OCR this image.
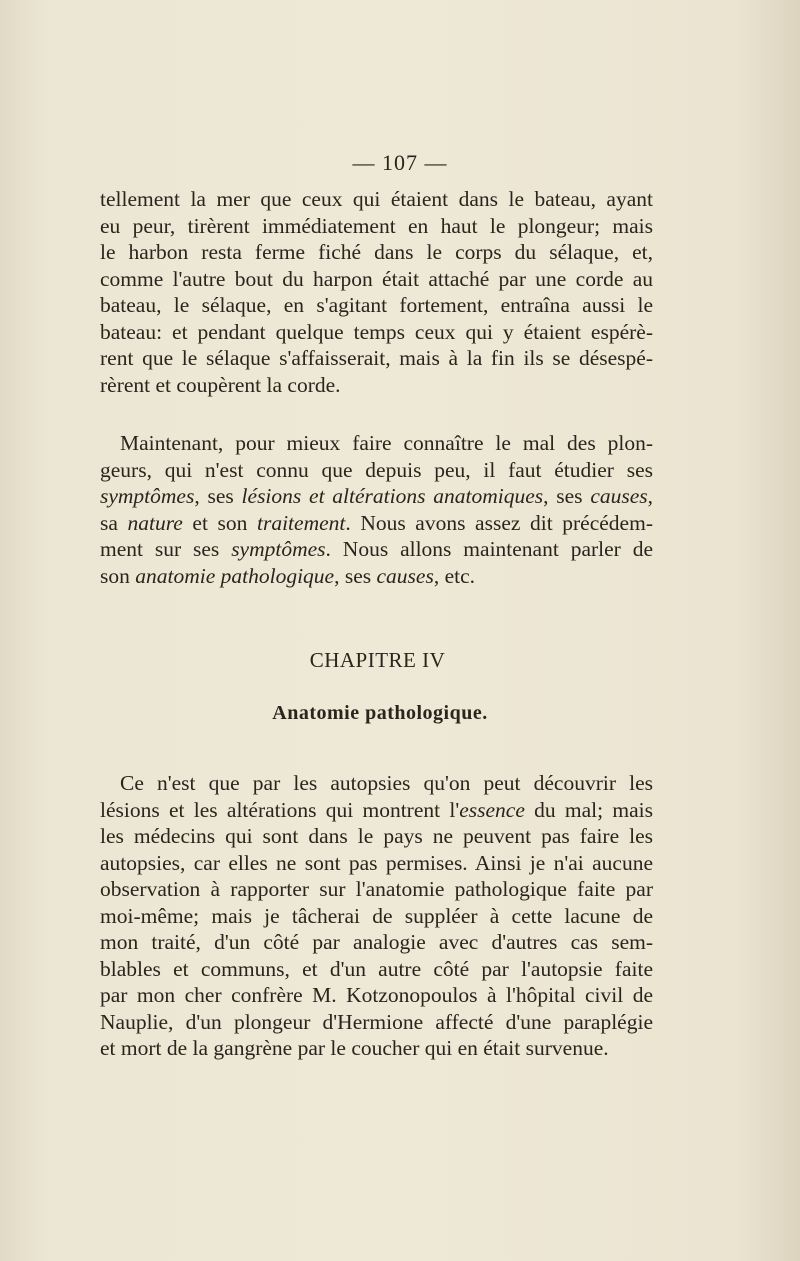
— 107 —
tellement la mer que ceux qui étaient dans le bateau, ayant
eu peur, tirèrent immédiatement en haut le plongeur; mais
le harbon resta ferme fiché dans le corps du sélaque, et,
comme l'autre bout du harpon était attaché par une corde au
bateau, le sélaque, en s'agitant fortement, entraîna aussi le
bateau: et pendant quelque temps ceux qui y étaient espérè-
rent que le sélaque s'affaisserait, mais à la fin ils se désespé-
rèrent et coupèrent la corde.
Maintenant, pour mieux faire connaître le mal des plon-
geurs, qui n'est connu que depuis peu, il faut étudier ses
symptômes, ses lésions et altérations anatomiques, ses causes,
sa nature et son traitement. Nous avons assez dit précédem-
ment sur ses symptômes. Nous allons maintenant parler de
son anatomie pathologique, ses causes, etc.
CHAPITRE IV
Anatomie pathologique.
Ce n'est que par les autopsies qu'on peut découvrir les
lésions et les altérations qui montrent l'essence du mal; mais
les médecins qui sont dans le pays ne peuvent pas faire les
autopsies, car elles ne sont pas permises. Ainsi je n'ai aucune
observation à rapporter sur l'anatomie pathologique faite par
moi-même; mais je tâcherai de suppléer à cette lacune de
mon traité, d'un côté par analogie avec d'autres cas sem-
blables et communs, et d'un autre côté par l'autopsie faite
par mon cher confrère M. Kotzonopoulos à l'hôpital civil de
Nauplie, d'un plongeur d'Hermione affecté d'une paraplégie
et mort de la gangrène par le coucher qui en était survenue.
